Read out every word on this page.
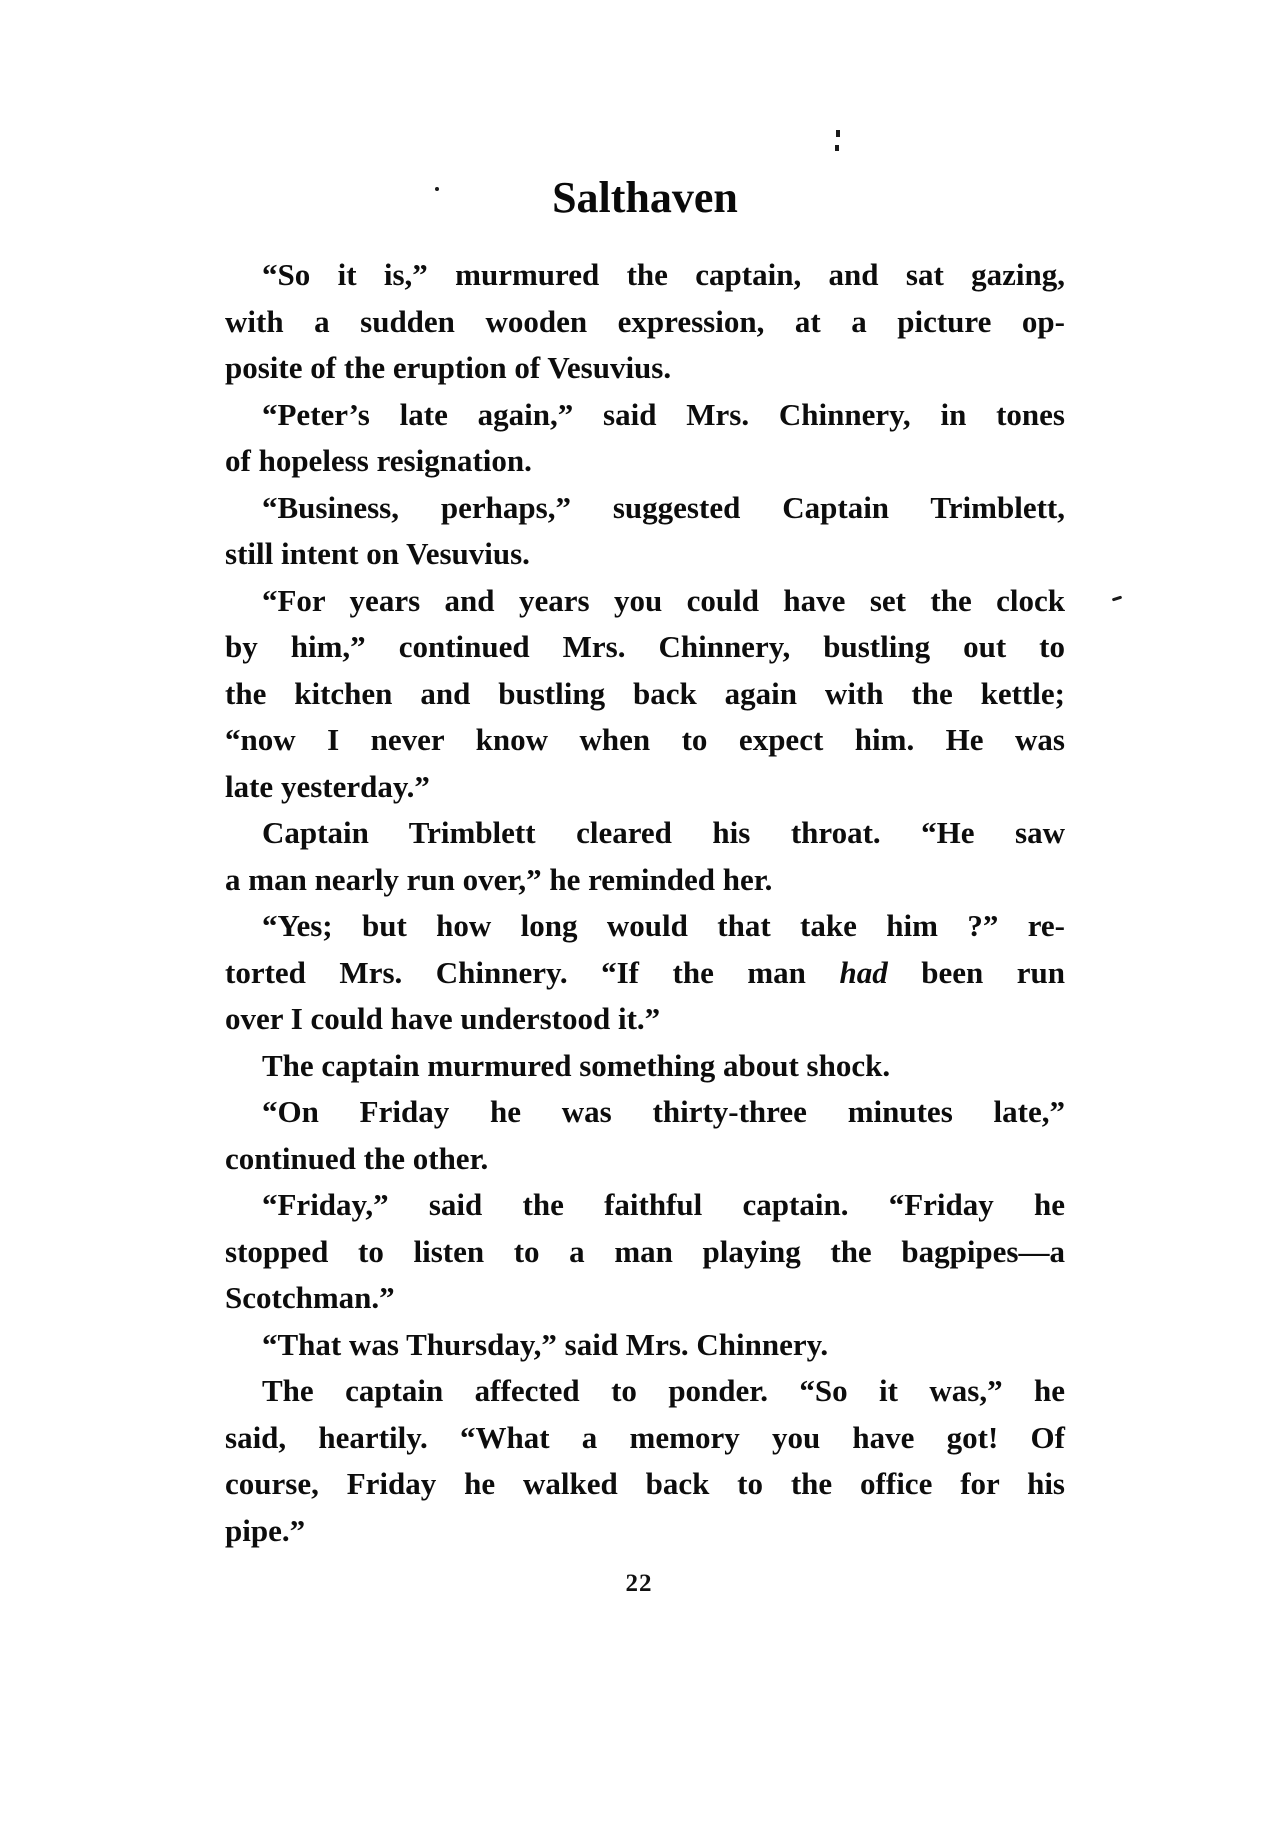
Salthaven
“So it is,” murmured the captain, and sat gazing,
with a sudden wooden expression, at a picture op-
posite of the eruption of Vesuvius.
“Peter’s late again,” said Mrs. Chinnery, in tones
of hopeless resignation.
“Business, perhaps,” suggested Captain Trimblett,
still intent on Vesuvius.
“For years and years you could have set the clock
by him,” continued Mrs. Chinnery, bustling out to
the kitchen and bustling back again with the kettle;
“now I never know when to expect him. He was
late yesterday.”
Captain Trimblett cleared his throat. “He saw
a man nearly run over,” he reminded her.
“Yes; but how long would that take him ?” re-
torted Mrs. Chinnery. “If the man had been run
over I could have understood it.”
The captain murmured something about shock.
“On Friday he was thirty-three minutes late,”
continued the other.
“Friday,” said the faithful captain. “Friday he
stopped to listen to a man playing the bagpipes—a
Scotchman.”
“That was Thursday,” said Mrs. Chinnery.
The captain affected to ponder. “So it was,” he
said, heartily. “What a memory you have got! Of
course, Friday he walked back to the office for his
pipe.”
22
